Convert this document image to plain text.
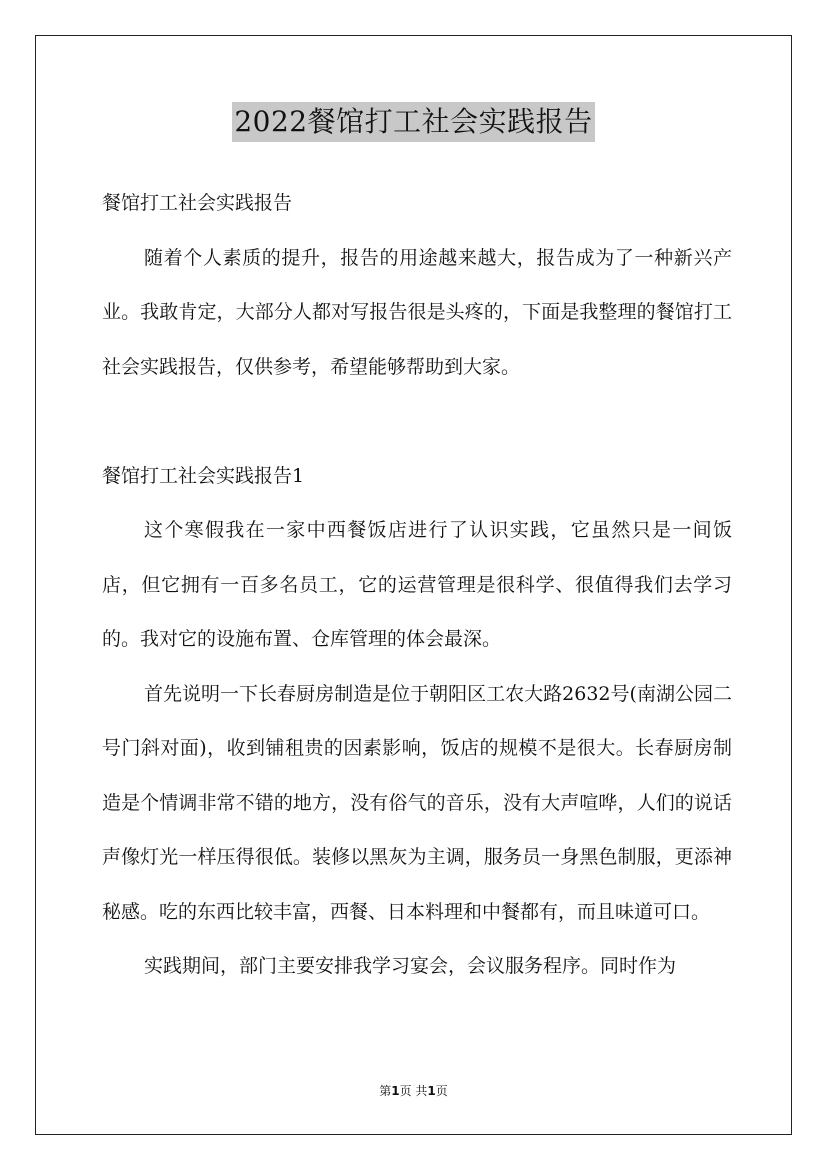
2022餐馆打工社会实践报告

餐馆打工社会实践报告

随着个人素质的提升，报告的用途越来越大，报告成为了一种新兴产业。我敢肯定，大部分人都对写报告很是头疼的，下面是我整理的餐馆打工社会实践报告，仅供参考，希望能够帮助到大家。

餐馆打工社会实践报告1

这个寒假我在一家中西餐饭店进行了认识实践，它虽然只是一间饭店，但它拥有一百多名员工，它的运营管理是很科学、很值得我们去学习的。我对它的设施布置、仓库管理的体会最深。

首先说明一下长春厨房制造是位于朝阳区工农大路2632号(南湖公园二号门斜对面)，收到铺租贵的因素影响，饭店的规模不是很大。长春厨房制造是个情调非常不错的地方，没有俗气的音乐，没有大声喧哗，人们的说话声像灯光一样压得很低。装修以黑灰为主调，服务员一身黑色制服，更添神秘感。吃的东西比较丰富，西餐、日本料理和中餐都有，而且味道可口。

实践期间，部门主要安排我学习宴会，会议服务程序。同时作为

第1页 共1页
